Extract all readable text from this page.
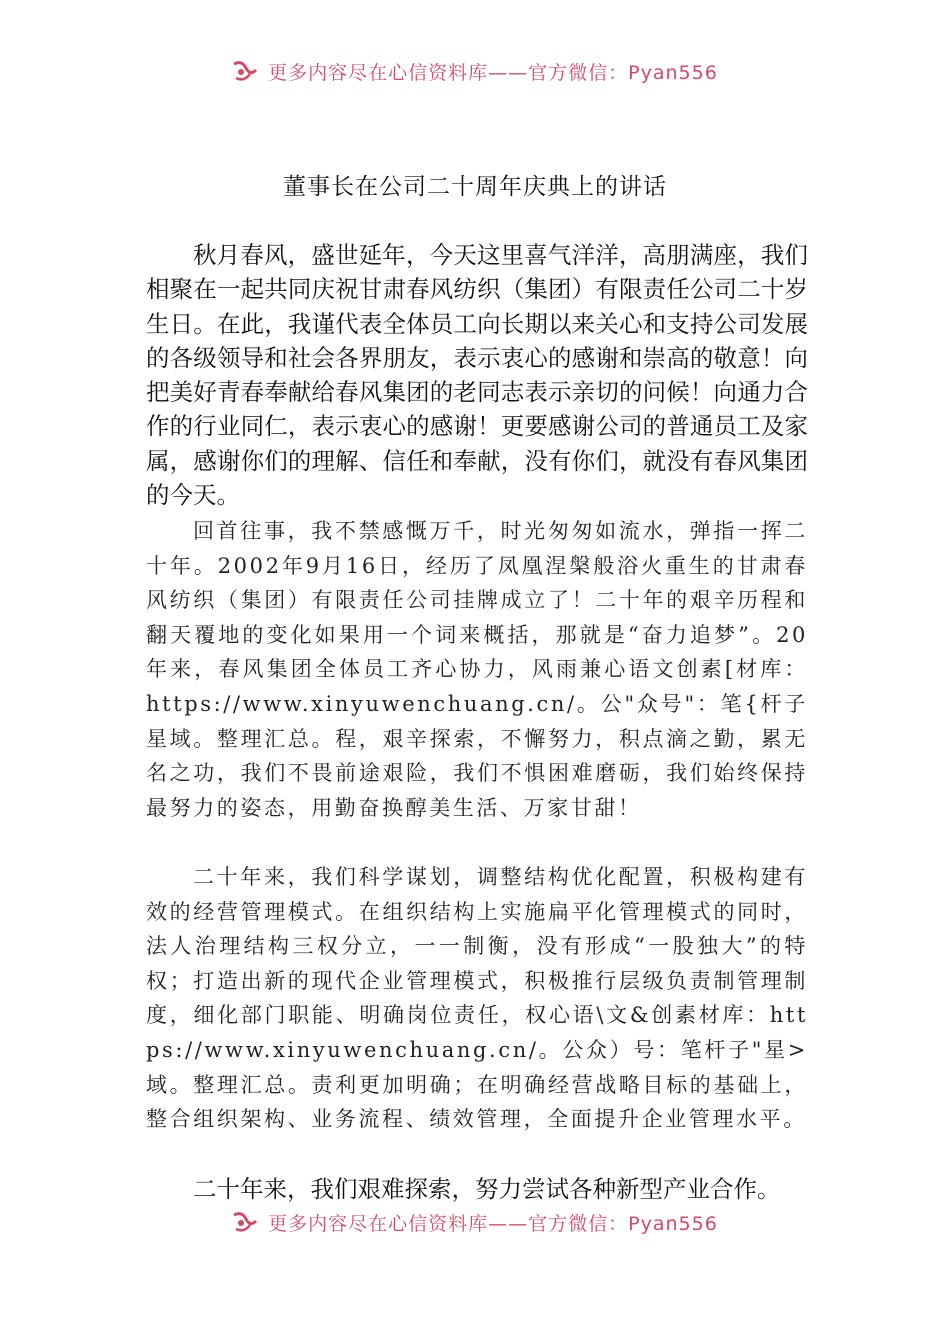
更多内容尽在心信资料库——官方微信：Pyan556
董事长在公司二十周年庆典上的讲话

秋月春风，盛世延年，今天这里喜气洋洋，高朋满座，我们相聚在一起共同庆祝甘肃春风纺织（集团）有限责任公司二十岁生日。在此，我谨代表全体员工向长期以来关心和支持公司发展的各级领导和社会各界朋友，表示衷心的感谢和崇高的敬意！向把美好青春奉献给春风集团的老同志表示亲切的问候！向通力合作的行业同仁，表示衷心的感谢！更要感谢公司的普通员工及家属，感谢你们的理解、信任和奉献，没有你们，就没有春风集团的今天。

回首往事，我不禁感慨万千，时光匆匆如流水，弹指一挥二十年。2002年9月16日，经历了凤凰涅槃般浴火重生的甘肃春风纺织（集团）有限责任公司挂牌成立了！二十年的艰辛历程和翻天覆地的变化如果用一个词来概括，那就是“奋力追梦”。20年来，春风集团全体员工齐心协力，风雨兼心语文创素[材库：https://www.xinyuwenchuang.cn/。公"众号"：笔{杆子星域。整理汇总。程，艰辛探索，不懈努力，积点滴之勤，累无名之功，我们不畏前途艰险，我们不惧困难磨砺，我们始终保持最努力的姿态，用勤奋换醇美生活、万家甘甜！

二十年来，我们科学谋划，调整结构优化配置，积极构建有效的经营管理模式。在组织结构上实施扁平化管理模式的同时，法人治理结构三权分立，一一制衡，没有形成“一股独大”的特权；打造出新的现代企业管理模式，积极推行层级负责制管理制度，细化部门职能、明确岗位责任，权心语\文&创素材库：https://www.xinyuwenchuang.cn/。公众）号：笔杆子"星>域。整理汇总。责利更加明确；在明确经营战略目标的基础上，整合组织架构、业务流程、绩效管理，全面提升企业管理水平。

二十年来，我们艰难探索，努力尝试各种新型产业合作。

更多内容尽在心信资料库——官方微信：Pyan556
